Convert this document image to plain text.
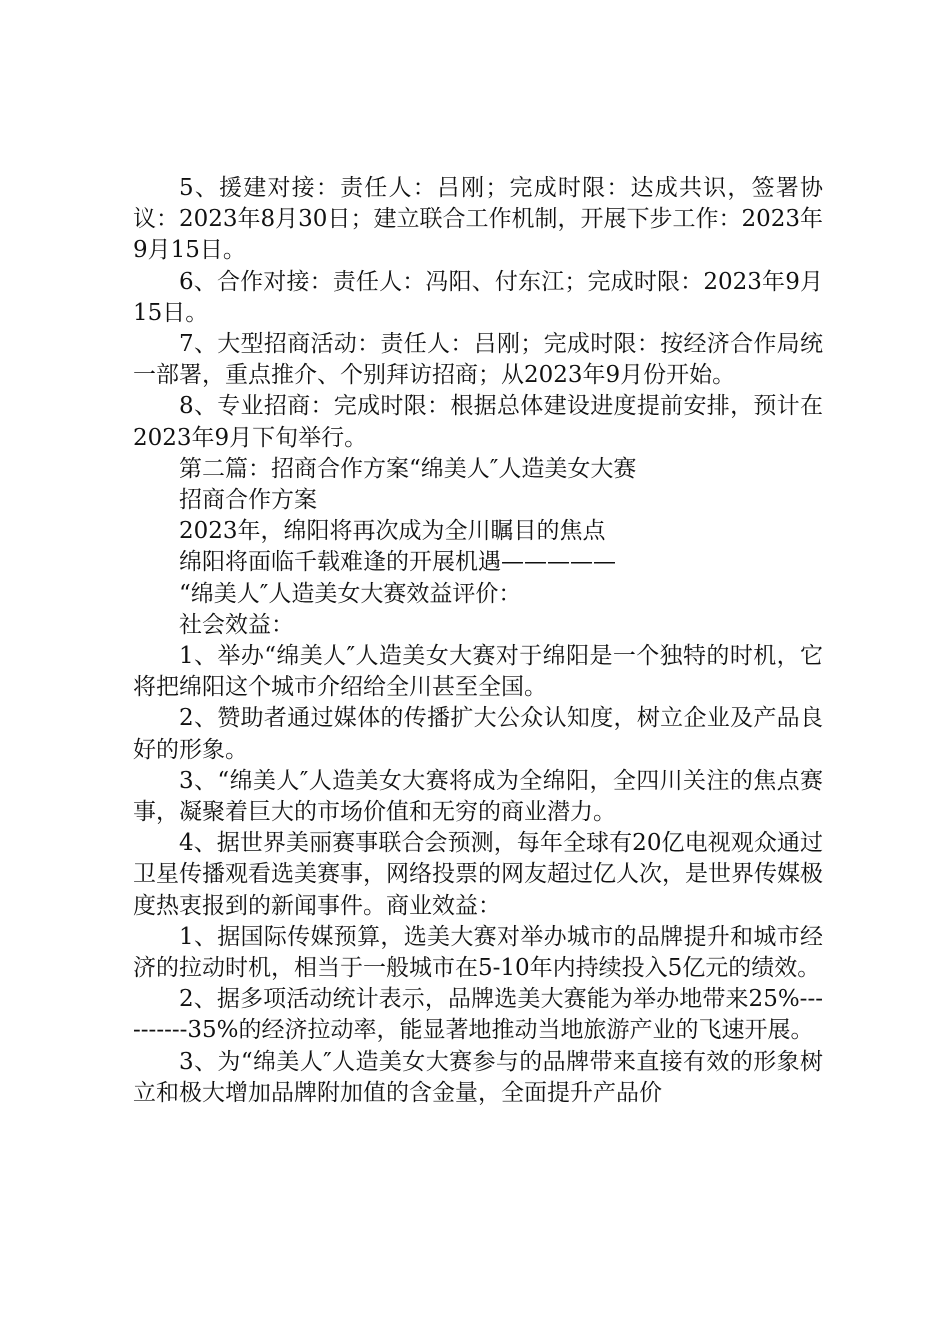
5、援建对接：责任人：吕刚；完成时限：达成共识，签署协议：2023年8月30日；建立联合工作机制，开展下步工作：2023年9月15日。

6、合作对接：责任人：冯阳、付东江；完成时限：2023年9月15日。

7、大型招商活动：责任人：吕刚；完成时限：按经济合作局统一部署，重点推介、个别拜访招商；从2023年9月份开始。

8、专业招商：完成时限：根据总体建设进度提前安排，预计在2023年9月下旬举行。

第二篇：招商合作方案“绵美人″人造美女大赛

招商合作方案

2023年，绵阳将再次成为全川瞩目的焦点

绵阳将面临千载难逢的开展机遇—————

“绵美人″人造美女大赛效益评价：

社会效益：

1、举办“绵美人″人造美女大赛对于绵阳是一个独特的时机，它将把绵阳这个城市介绍给全川甚至全国。

2、赞助者通过媒体的传播扩大公众认知度，树立企业及产品良好的形象。

3、“绵美人″人造美女大赛将成为全绵阳，全四川关注的焦点赛事，凝聚着巨大的市场价值和无穷的商业潜力。

4、据世界美丽赛事联合会预测，每年全球有20亿电视观众通过卫星传播观看选美赛事，网络投票的网友超过亿人次，是世界传媒极度热衷报到的新闻事件。商业效益：

1、据国际传媒预算，选美大赛对举办城市的品牌提升和城市经济的拉动时机，相当于一般城市在5-10年内持续投入5亿元的绩效。

2、据多项活动统计表示，品牌选美大赛能为举办地带来25%----------35%的经济拉动率，能显著地推动当地旅游产业的飞速开展。

3、为“绵美人″人造美女大赛参与的品牌带来直接有效的形象树立和极大增加品牌附加值的含金量，全面提升产品价
